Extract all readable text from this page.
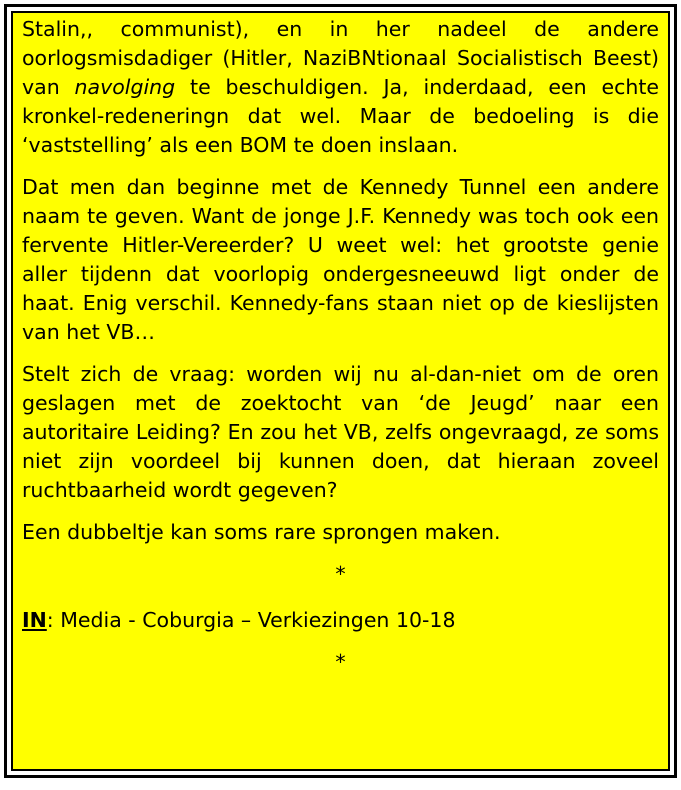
Stalin,, communist), en in her nadeel de andere oorlogsmisdadiger (Hitler, NaziBNtionaal Socialistisch Beest) van navolging te beschuldigen. Ja, inderdaad, een echte kronkel-redeneringn dat wel. Maar de bedoeling is die ‘vaststelling’ als een BOM te doen inslaan.

Dat men dan beginne met de Kennedy Tunnel een andere naam te geven. Want de jonge J.F. Kennedy was toch ook een fervente Hitler-Vereerder? U weet wel: het grootste genie aller tijdenn dat voorlopig ondergesneeuwd ligt onder de haat. Enig verschil. Kennedy-fans staan niet op de kieslijsten van het VB…

Stelt zich de vraag: worden wij nu al-dan-niet om de oren geslagen met de zoektocht van ‘de Jeugd’ naar een autoritaire Leiding? En zou het VB, zelfs ongevraagd, ze soms niet zijn voordeel bij kunnen doen, dat hieraan zoveel ruchtbaarheid wordt gegeven?

Een dubbeltje kan soms rare sprongen maken.

*
IN: Media - Coburgia – Verkiezingen 10-18
*
